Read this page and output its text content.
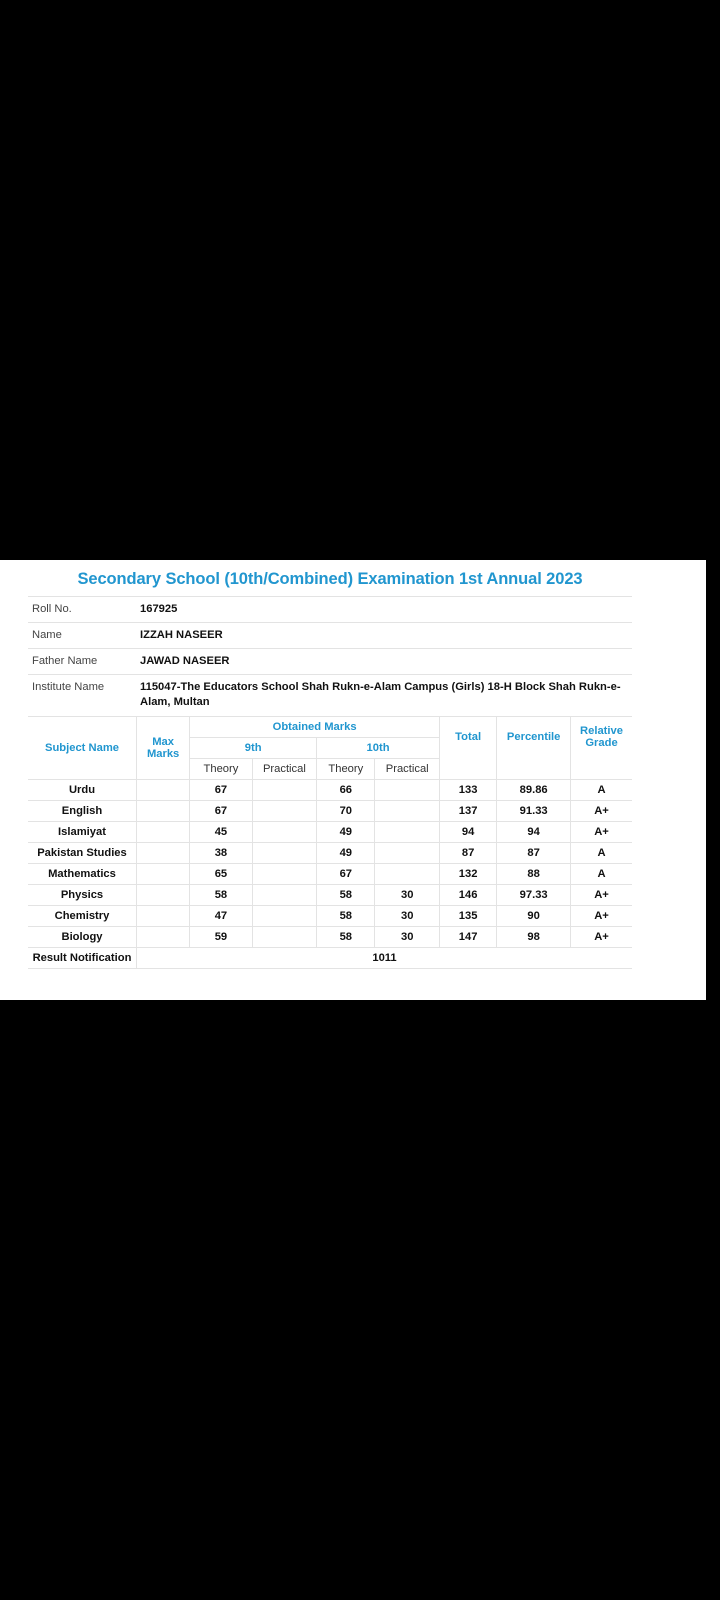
Secondary School (10th/Combined) Examination 1st Annual 2023
Roll No.	167925
Name	IZZAH NASEER
Father Name	JAWAD NASEER
Institute Name	115047-The Educators School Shah Rukn-e-Alam Campus (Girls) 18-H Block Shah Rukn-e-Alam, Multan
Subject Name	Max Marks	Obtained Marks				Total	Percentile	Relative Grade
		9th		10th				
		Theory	Practical	Theory	Practical			
Urdu		67		66		133	89.86	A
English		67		70		137	91.33	A+
Islamiyat		45		49		94	94	A+
Pakistan Studies		38		49		87	87	A
Mathematics		65		67		132	88	A
Physics		58		58	30	146	97.33	A+
Chemistry		47		58	30	135	90	A+
Biology		59		58	30	147	98	A+
Result Notification	1011							
